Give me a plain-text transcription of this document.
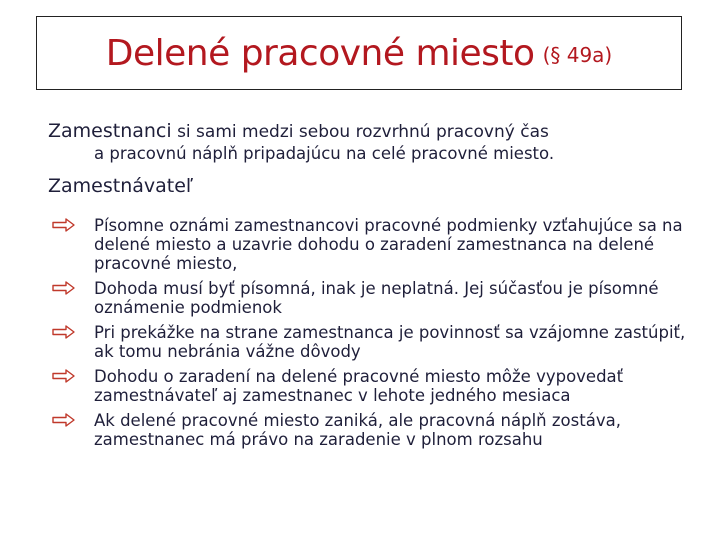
Delené pracovné miesto (§ 49a)
Zamestnanci si sami medzi sebou rozvrhnú pracovný čas
a pracovnú náplň pripadajúcu na celé pracovné miesto.
Zamestnávateľ
Písomne oznámi zamestnancovi pracovné podmienky vzťahujúce sa na delené miesto a uzavrie dohodu o zaradení zamestnanca na delené pracovné miesto,
Dohoda musí byť písomná, inak je neplatná. Jej súčasťou je písomné oznámenie podmienok
Pri prekážke na strane zamestnanca je povinnosť sa vzájomne zastúpiť, ak tomu nebránia vážne dôvody
Dohodu o zaradení na delené pracovné miesto môže vypovedať zamestnávateľ aj zamestnanec v lehote jedného mesiaca
Ak delené pracovné miesto zaniká, ale pracovná náplň zostáva, zamestnanec má právo na zaradenie v plnom rozsahu
